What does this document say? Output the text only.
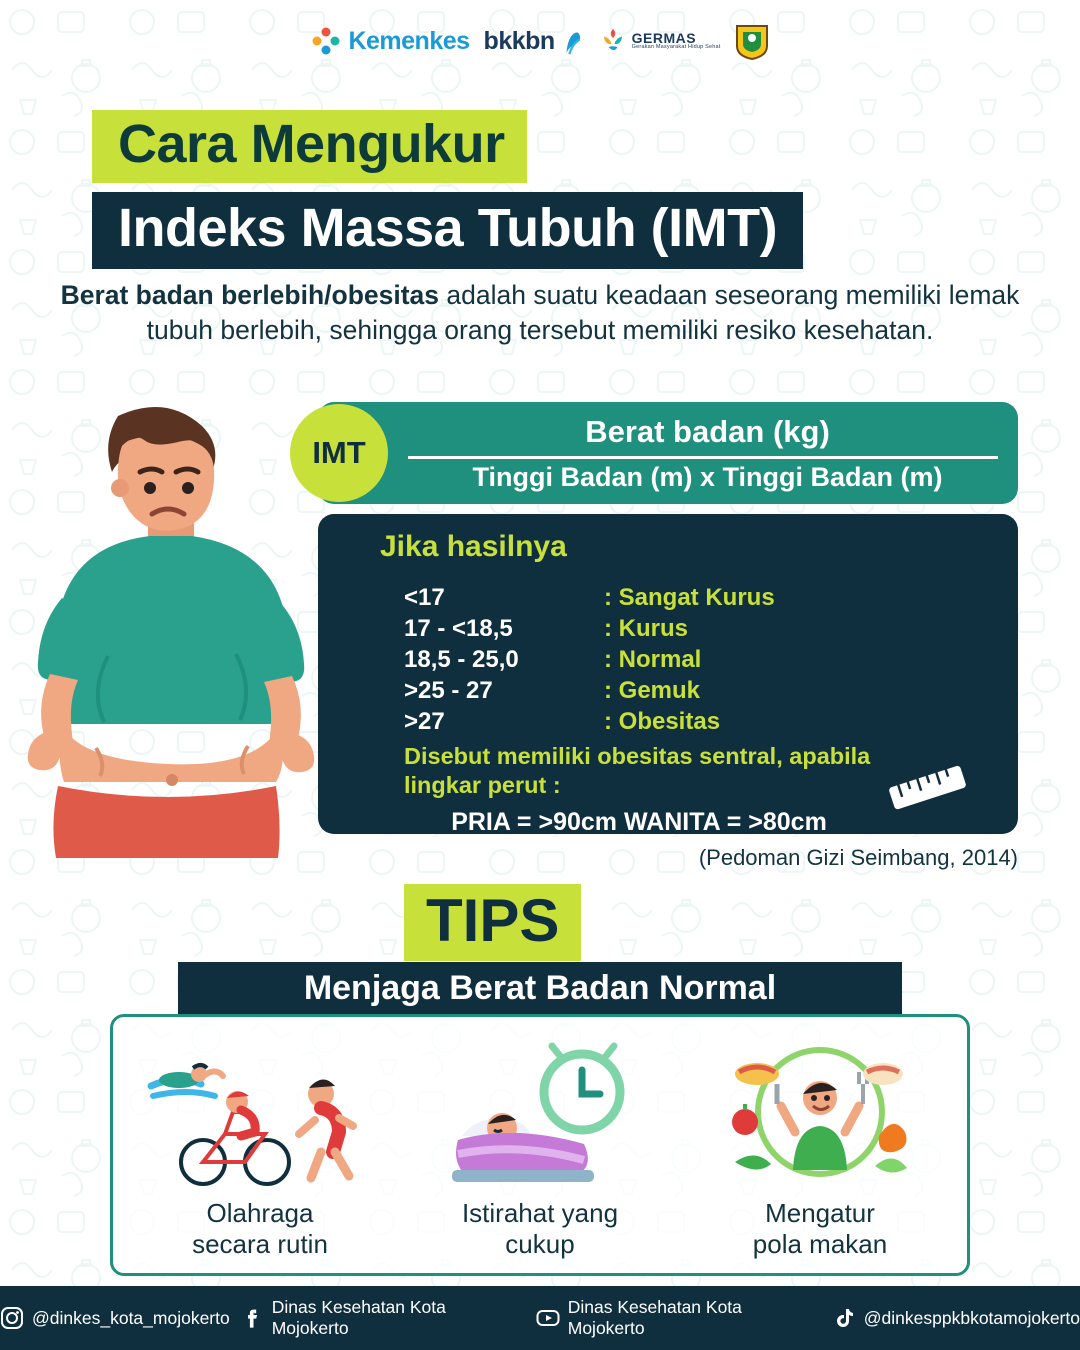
Kemenkes bkkbn	GERMAS
Gerakan Masyarakat Hidup Sehat
Cara Mengukur
Indeks Massa Tubuh (IMT)
Berat badan berlebih/obesitas adalah suatu keadaan seseorang memiliki lemak tubuh berlebih, sehingga orang tersebut memiliki resiko kesehatan.
IMT
Berat badan (kg)
Tinggi Badan (m) x Tinggi Badan (m)
Jika hasilnya
<17	: Sangat Kurus
17 - <18,5	: Kurus
18,5 - 25,0	: Normal
>25 - 27	: Gemuk
>27	: Obesitas
Disebut memiliki obesitas sentral, apabila lingkar perut :
PRIA = >90cm WANITA = >80cm
(Pedoman Gizi Seimbang, 2014)
TIPS
Menjaga Berat Badan Normal
Olahraga
secara rutin
Istirahat yang
cukup
Mengatur
pola makan
@dinkes_kota_mojokerto
Dinas Kesehatan Kota Mojokerto
Dinas Kesehatan Kota Mojokerto
@dinkesppkbkotamojokerto
